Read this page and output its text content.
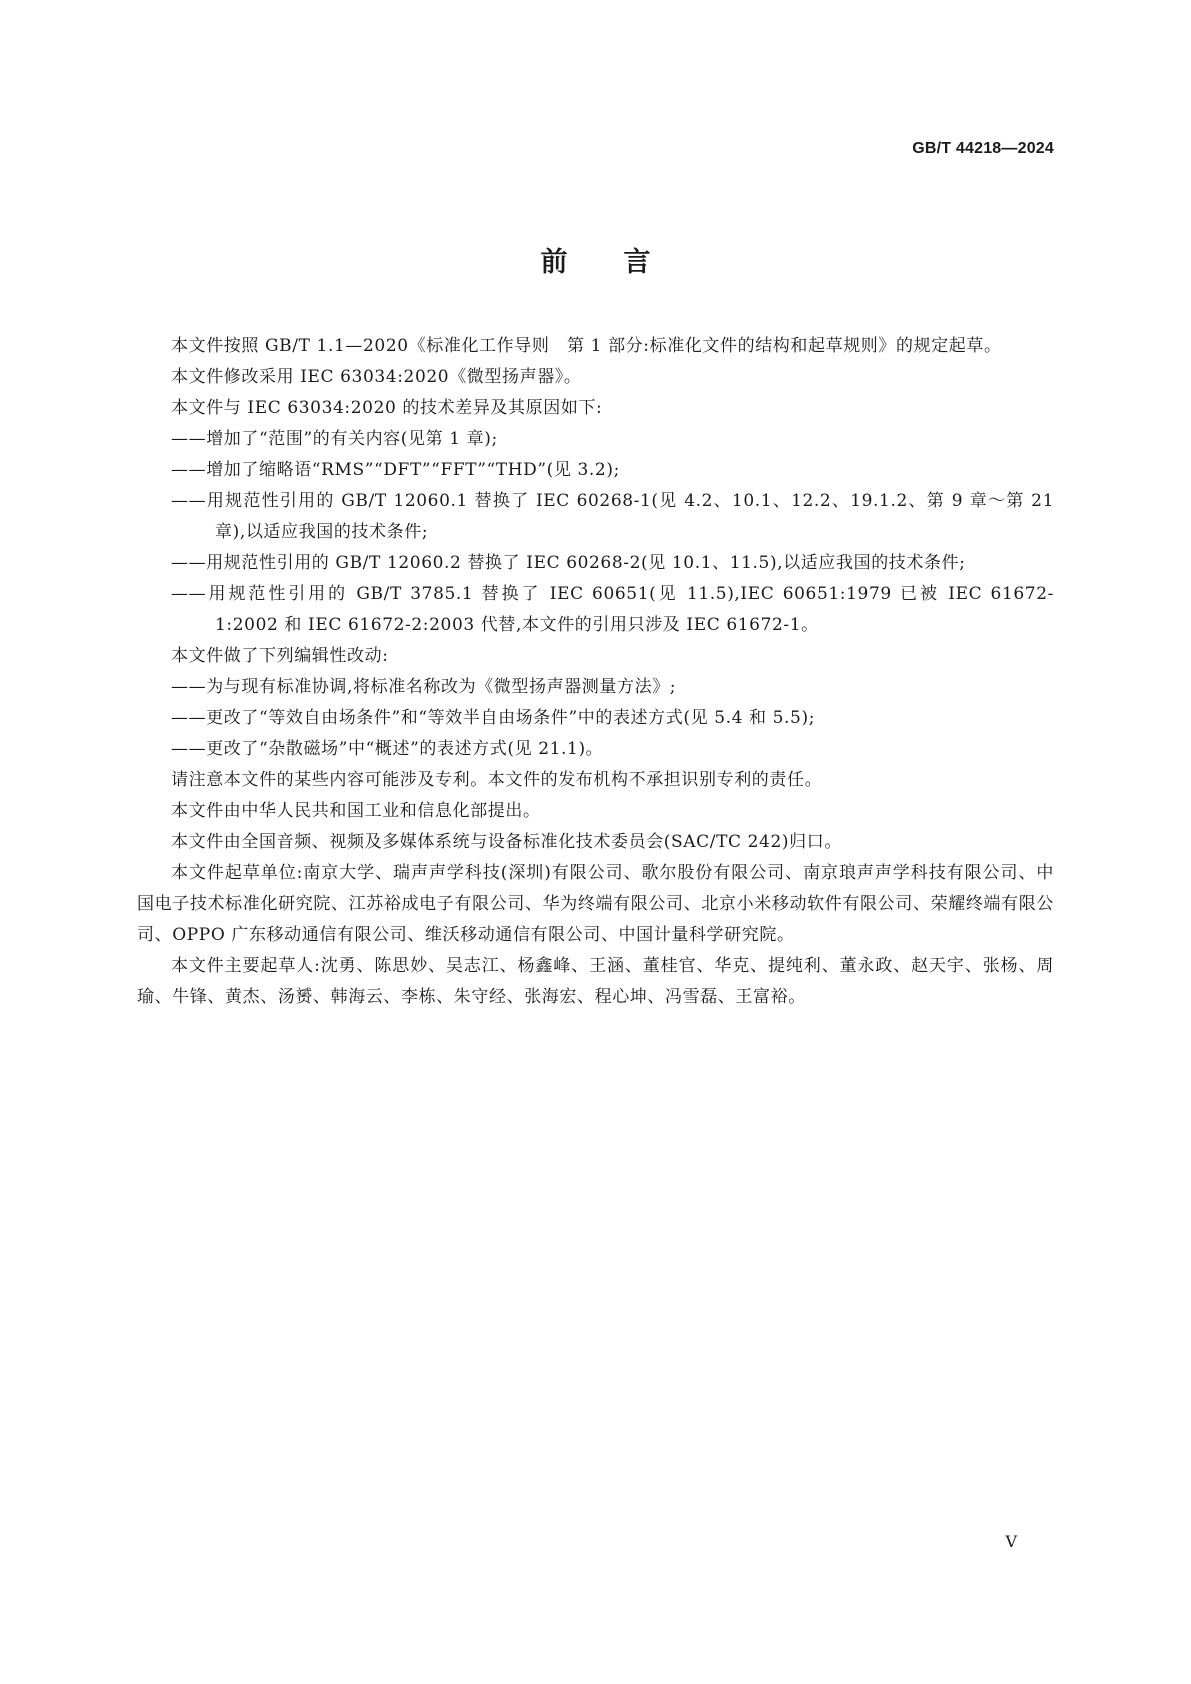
GB/T 44218—2024
前言

本文件按照 GB/T 1.1—2020《标准化工作导则　第 1 部分:标准化文件的结构和起草规则》的规定起草。

本文件修改采用 IEC 63034:2020《微型扬声器》。

本文件与 IEC 63034:2020 的技术差异及其原因如下:

——增加了“范围”的有关内容(见第 1 章);

——增加了缩略语“RMS”“DFT”“FFT”“THD”(见 3.2);

——用规范性引用的 GB/T 12060.1 替换了 IEC 60268-1(见 4.2、10.1、12.2、19.1.2、第 9 章～第 21 章),以适应我国的技术条件;

——用规范性引用的 GB/T 12060.2 替换了 IEC 60268-2(见 10.1、11.5),以适应我国的技术条件;

——用规范性引用的 GB/T 3785.1 替换了 IEC 60651(见 11.5),IEC 60651:1979 已被 IEC 61672-1:2002 和 IEC 61672-2:2003 代替,本文件的引用只涉及 IEC 61672-1。

本文件做了下列编辑性改动:

——为与现有标准协调,将标准名称改为《微型扬声器测量方法》;

——更改了“等效自由场条件”和“等效半自由场条件”中的表述方式(见 5.4 和 5.5);

——更改了“杂散磁场”中“概述”的表述方式(见 21.1)。

请注意本文件的某些内容可能涉及专利。本文件的发布机构不承担识别专利的责任。

本文件由中华人民共和国工业和信息化部提出。

本文件由全国音频、视频及多媒体系统与设备标准化技术委员会(SAC/TC 242)归口。

本文件起草单位:南京大学、瑞声声学科技(深圳)有限公司、歌尔股份有限公司、南京琅声声学科技有限公司、中国电子技术标准化研究院、江苏裕成电子有限公司、华为终端有限公司、北京小米移动软件有限公司、荣耀终端有限公司、OPPO 广东移动通信有限公司、维沃移动通信有限公司、中国计量科学研究院。

本文件主要起草人:沈勇、陈思妙、吴志江、杨鑫峰、王涵、董桂官、华克、提纯利、董永政、赵天宇、张杨、周瑜、牛锋、黄杰、汤赟、韩海云、李栋、朱守经、张海宏、程心坤、冯雪磊、王富裕。

V
